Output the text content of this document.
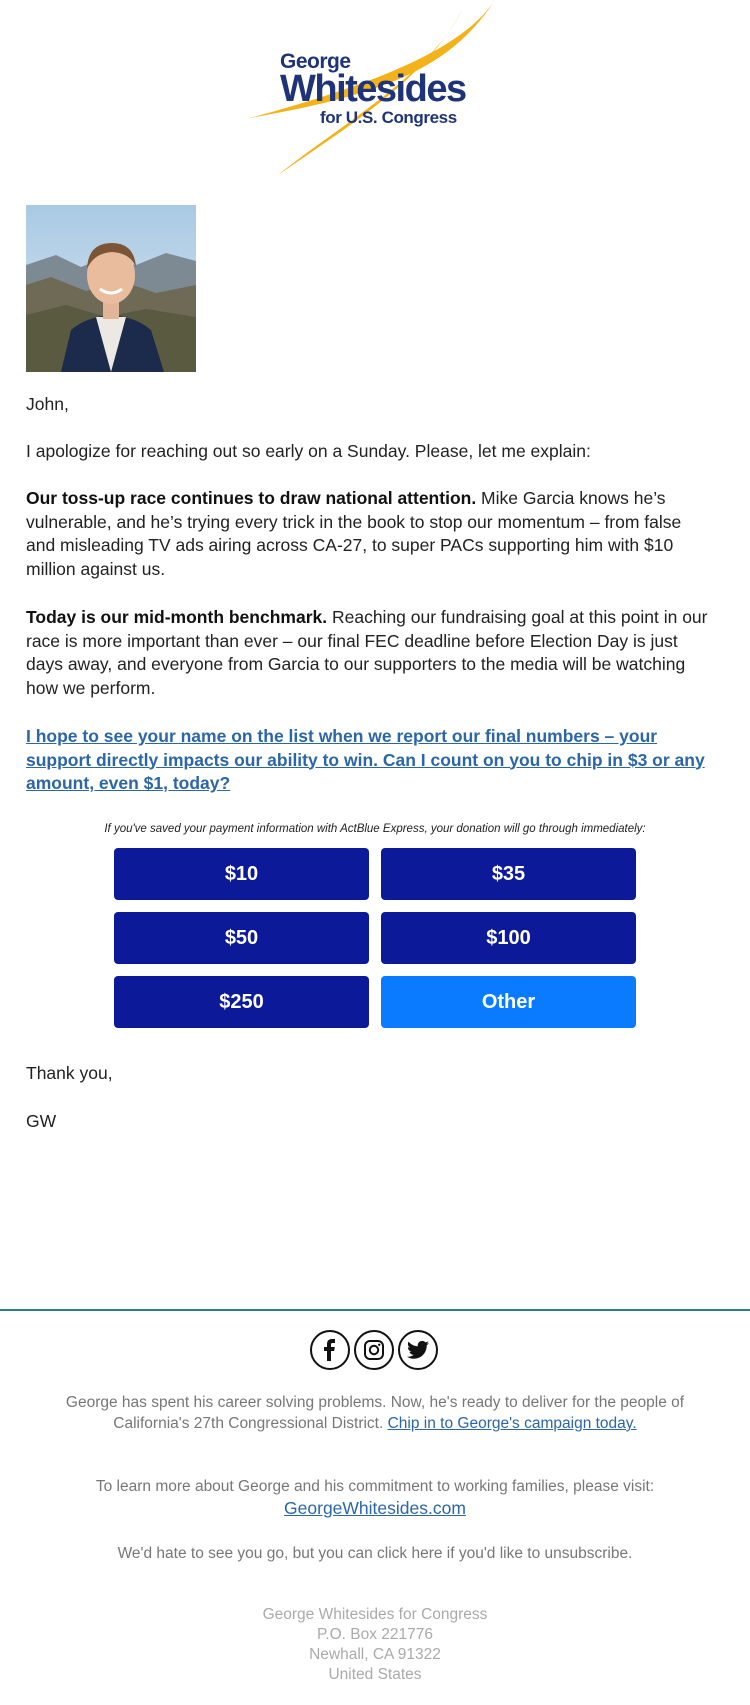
George
Whitesides
for U.S. Congress
John,
I apologize for reaching out so early on a Sunday. Please, let me explain:
Our toss-up race continues to draw national attention. Mike Garcia knows he’s vulnerable, and he’s trying every trick in the book to stop our momentum – from false and misleading TV ads airing across CA-27, to super PACs supporting him with $10 million against us.
Today is our mid-month benchmark. Reaching our fundraising goal at this point in our race is more important than ever – our final FEC deadline before Election Day is just days away, and everyone from Garcia to our supporters to the media will be watching how we perform.
I hope to see your name on the list when we report our final numbers – your support directly impacts our ability to win. Can I count on you to chip in $3 or any amount, even $1, today?
If you've saved your payment information with ActBlue Express, your donation will go through immediately:
$10	$35
$50	$100
$250	Other
Thank you,
GW
George has spent his career solving problems. Now, he's ready to deliver for the people of California's 27th Congressional District. Chip in to George's campaign today.
To learn more about George and his commitment to working families, please visit:
GeorgeWhitesides.com
We'd hate to see you go, but you can click here if you'd like to unsubscribe.
George Whitesides for Congress
P.O. Box 221776
Newhall, CA 91322
United States
